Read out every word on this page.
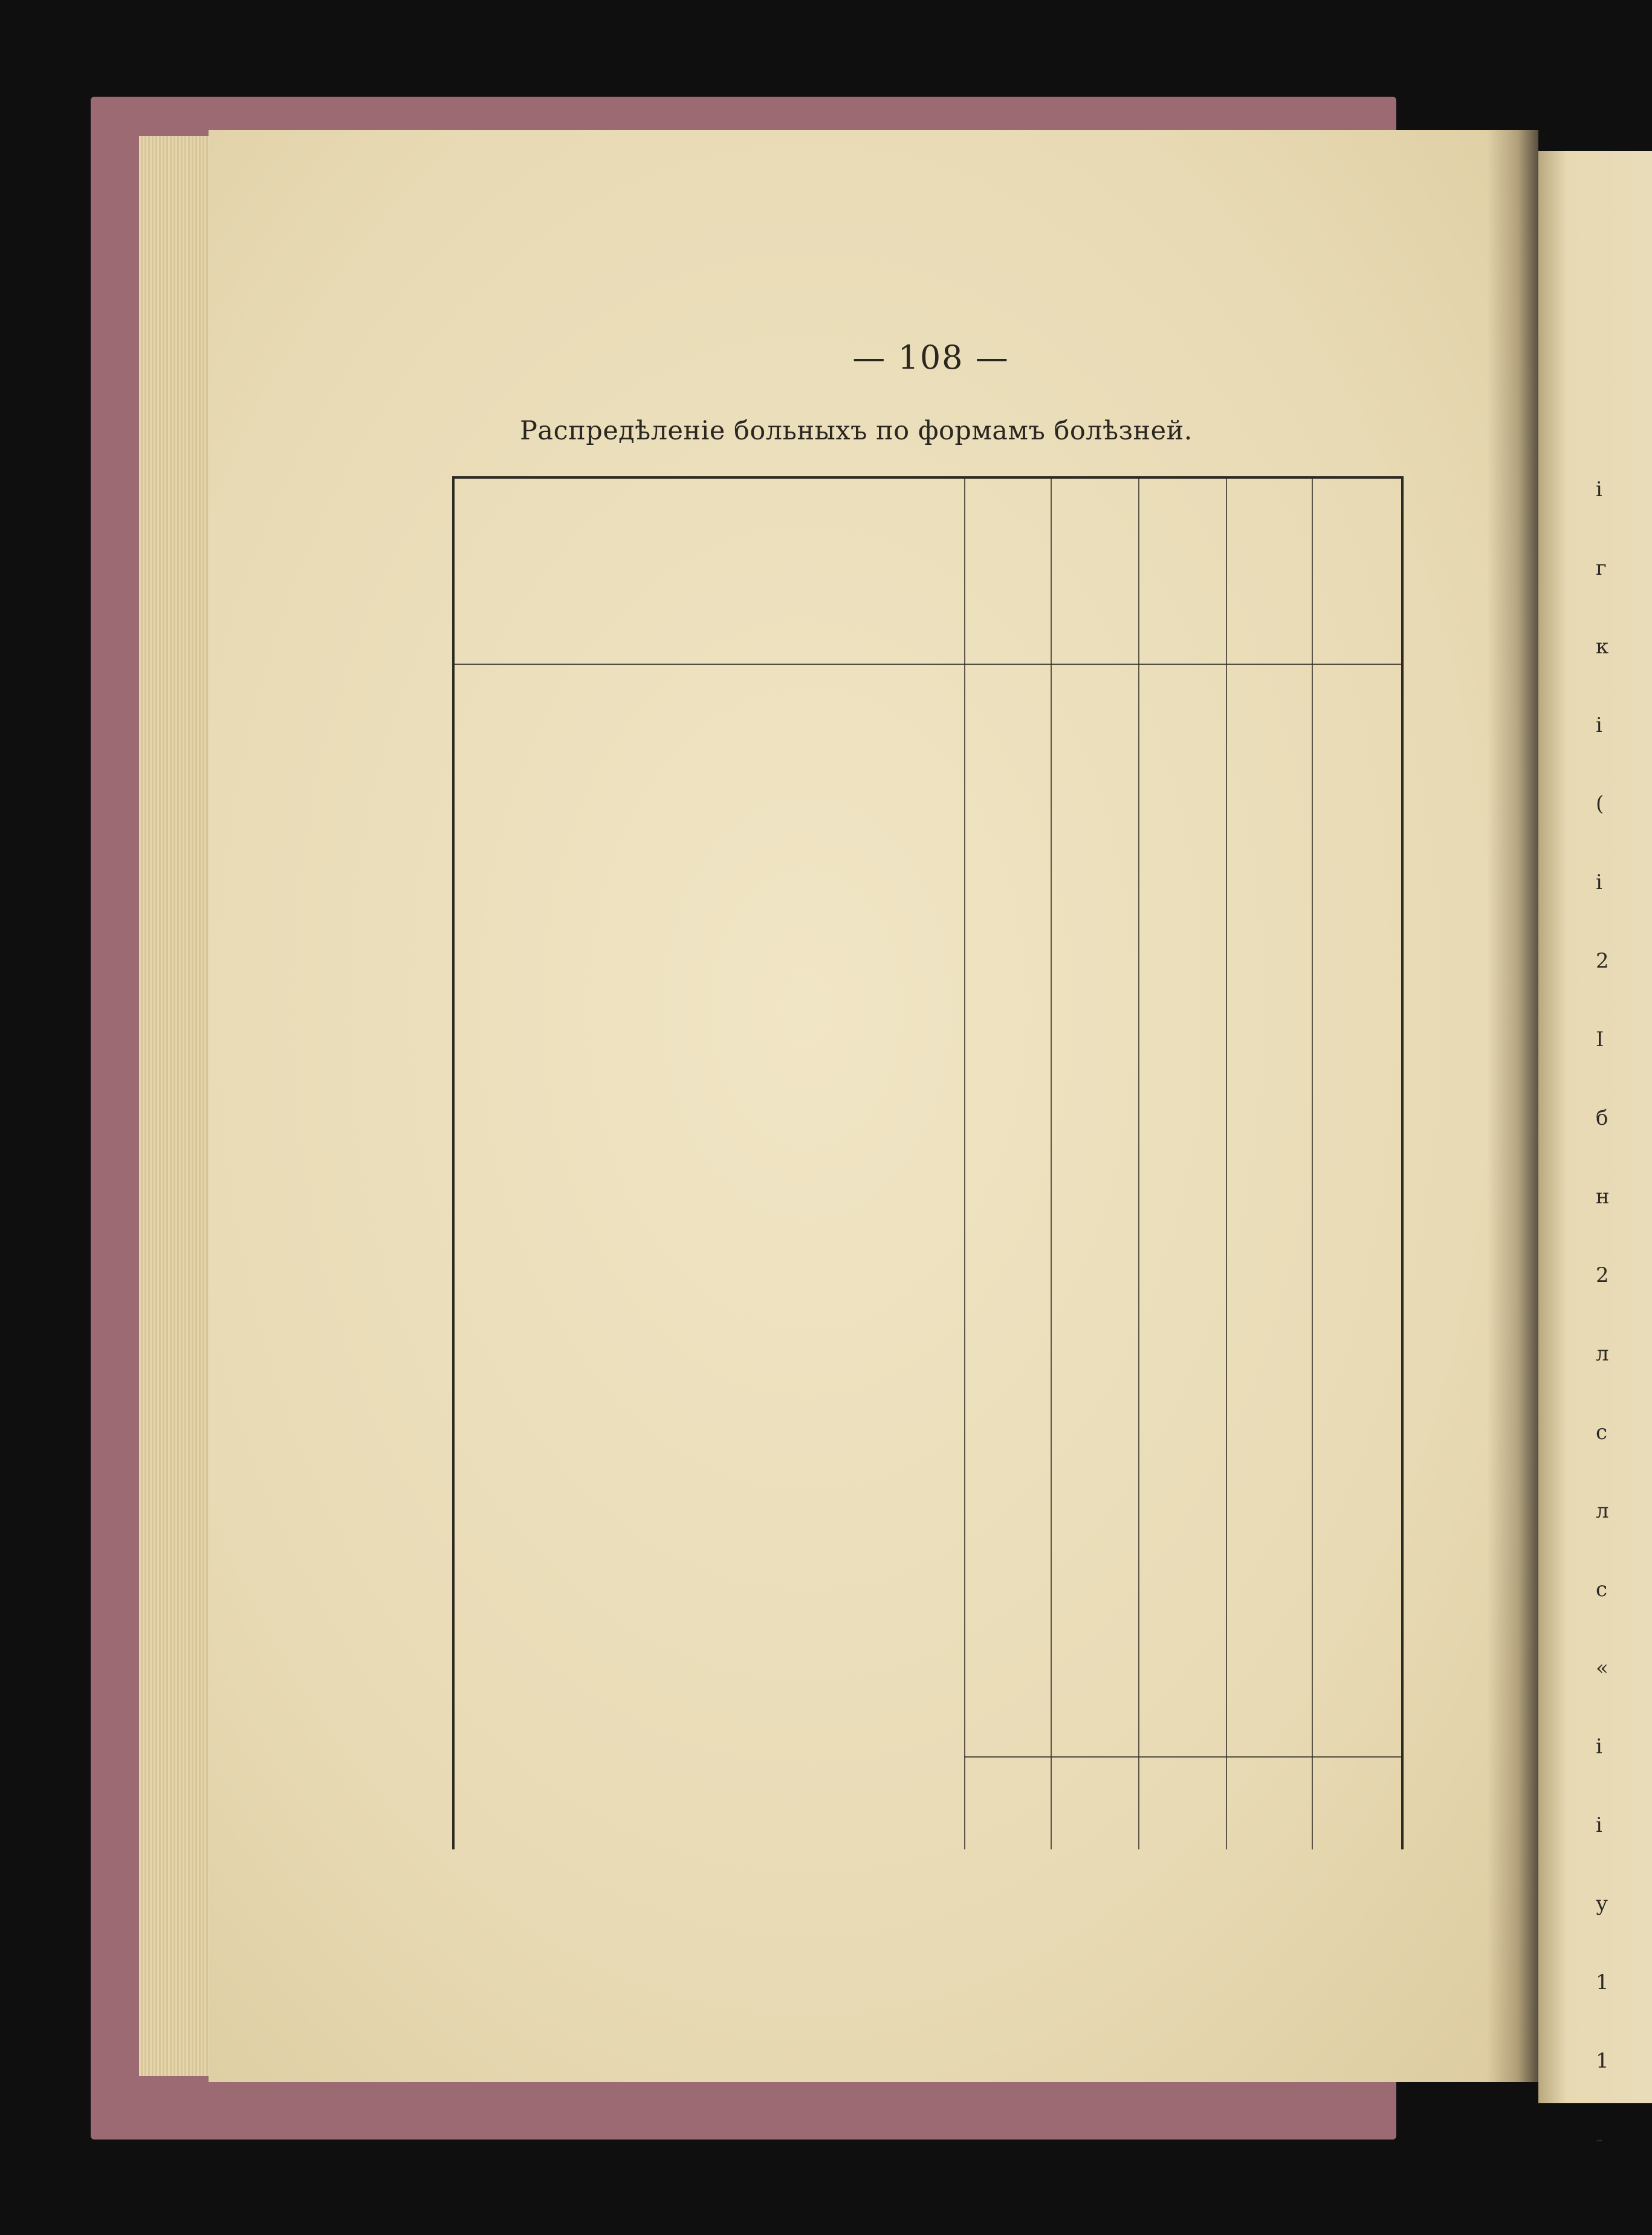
і
г
к
і
(
і
2
I
б
н
2
л
с
л
с
«
і
і
у
1
1
-
— 108 —
Распредѣленіе больныхъ по формамъ болѣзней.
